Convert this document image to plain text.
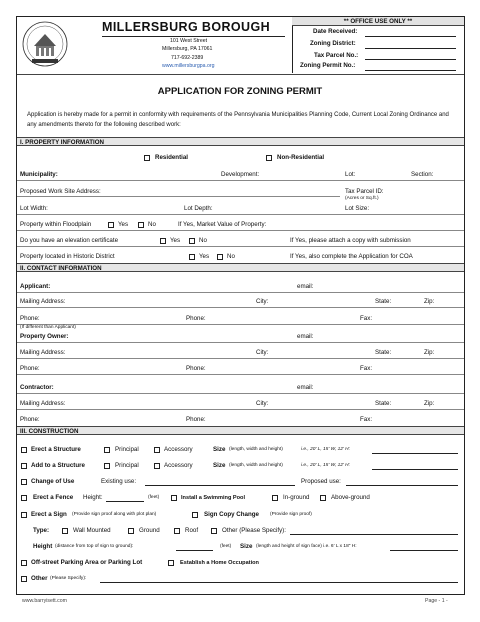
MILLERSBURG BOROUGH
101 West Street
Millersburg, PA 17061
717-692-2389
www.millersburgpa.org
** OFFICE USE ONLY **
Date Received:
Zoning District:
Tax Parcel No.:
Zoning Permit No.:
APPLICATION FOR ZONING PERMIT
Application is hereby made for a permit in conformity with requirements of the Pennsylvania Municipalities Planning Code, Current Local Zoning Ordinance and any amendments thereto for the following described work:
I. PROPERTY INFORMATION
Residential	Non-Residential
Municipality:	Development:	Lot:	Section:
Proposed Work Site Address:	Tax Parcel ID:
(Acres or Sq.ft.)
Lot Width:	Lot Depth:	Lot Size:
Property within Floodplain	Yes	No	If Yes, Market Value of Property:
Do you have an elevation certificate	Yes	No	If Yes, please attach a copy with submission
Property located in Historic District	Yes	No	If Yes, also complete the Application for COA
II. CONTACT INFORMATION
Applicant:	email:
Mailing Address:	City:	State:	Zip:
Phone:	Phone:	Fax:
(If different than Applicant)
Property Owner:	email:
Mailing Address:	City:	State:	Zip:
Phone:	Phone:	Fax:
Contractor:	email:
Mailing Address:	City:	State:	Zip:
Phone:	Phone:	Fax:
III. CONSTRUCTION
Erect a Structure	Principal	Accessory	Size (length, width and height)	i.e., 20' L, 15' W, 12' H:
Add to a Structure	Principal	Accessory	Size (length, width and height)	i.e., 20' L, 15' W, 12' H:
Change of Use	Existing use:	Proposed use:
Erect a Fence Height:	(feet)	Install a Swimming Pool	In-ground	Above-ground
Erect a Sign (Provide sign proof along with plot plan)	Sign Copy Change (Provide sign proof)
Type:	Wall Mounted	Ground	Roof	Other (Please Specify):
Height (distance from top of sign to ground):	(feet) Size (length and height of sign face) i.e. 6' L x 18" H:
Off-street Parking Area or Parking Lot	Establish a Home Occupation
Other (Please Specify):
www.barryisett.com	Page - 1 -
